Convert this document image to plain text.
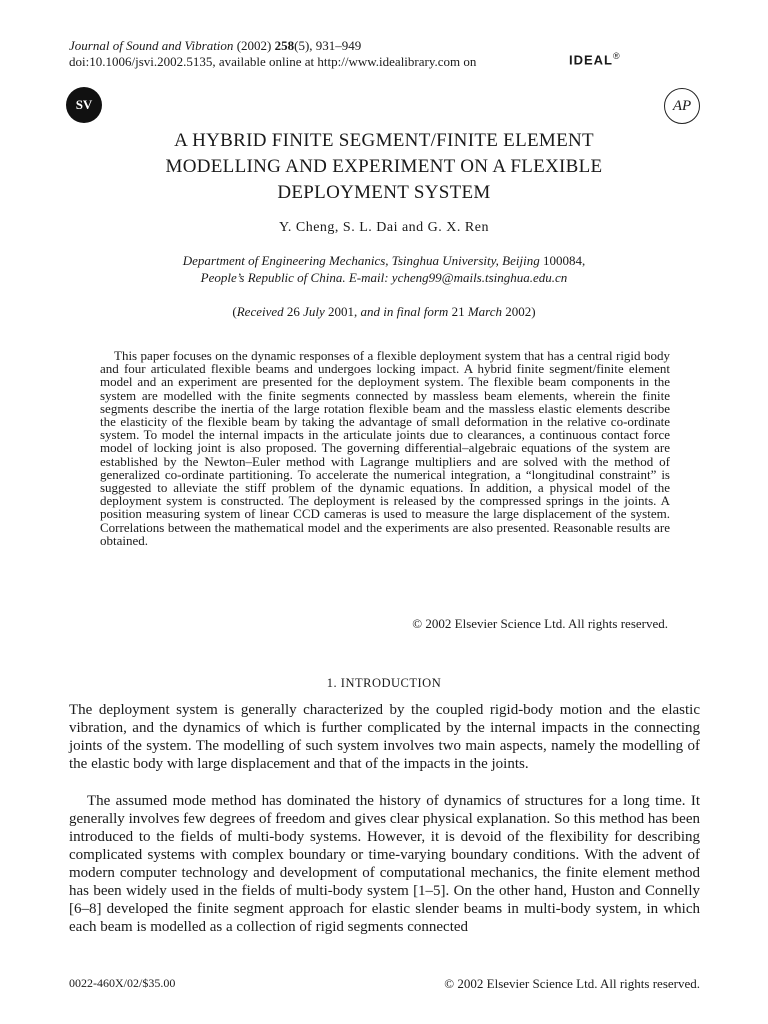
Journal of Sound and Vibration (2002) 258(5), 931–949
doi:10.1006/jsvi.2002.5135, available online at http://www.idealibrary.com on	IDEAL®
SV	AP
A HYBRID FINITE SEGMENT/FINITE ELEMENT
MODELLING AND EXPERIMENT ON A FLEXIBLE
DEPLOYMENT SYSTEM
Y. Cheng, S. L. Dai and G. X. Ren
Department of Engineering Mechanics, Tsinghua University, Beijing 100084,
People’s Republic of China. E-mail: ycheng99@mails.tsinghua.edu.cn
(Received 26 July 2001, and in final form 21 March 2002)

This paper focuses on the dynamic responses of a flexible deployment system that has a central rigid body and four articulated flexible beams and undergoes locking impact. A hybrid finite segment/finite element model and an experiment are presented for the deployment system. The flexible beam components in the system are modelled with the finite segments connected by massless beam elements, wherein the finite segments describe the inertia of the large rotation flexible beam and the massless elastic elements describe the elasticity of the flexible beam by taking the advantage of small deformation in the relative co-ordinate system. To model the internal impacts in the articulate joints due to clearances, a continuous contact force model of locking joint is also proposed. The governing differential–algebraic equations of the system are established by the Newton–Euler method with Lagrange multipliers and are solved with the method of generalized co-ordinate partitioning. To accelerate the numerical integration, a “longitudinal constraint” is suggested to alleviate the stiff problem of the dynamic equations. In addition, a physical model of the deployment system is constructed. The deployment is released by the compressed springs in the joints. A position measuring system of linear CCD cameras is used to measure the large displacement of the system. Correlations between the mathematical model and the experiments are also presented. Reasonable results are obtained.

© 2002 Elsevier Science Ltd. All rights reserved.
1. INTRODUCTION

The deployment system is generally characterized by the coupled rigid-body motion and the elastic vibration, and the dynamics of which is further complicated by the internal impacts in the connecting joints of the system. The modelling of such system involves two main aspects, namely the modelling of the elastic body with large displacement and that of the impacts in the joints.

The assumed mode method has dominated the history of dynamics of structures for a long time. It generally involves few degrees of freedom and gives clear physical explanation. So this method has been introduced to the fields of multi-body systems. However, it is devoid of the flexibility for describing complicated systems with complex boundary or time-varying boundary conditions. With the advent of modern computer technology and development of computational mechanics, the finite element method has been widely used in the fields of multi-body system [1–5]. On the other hand, Huston and Connelly [6–8] developed the finite segment approach for elastic slender beams in multi-body system, in which each beam is modelled as a collection of rigid segments connected

0022-460X/02/$35.00	© 2002 Elsevier Science Ltd. All rights reserved.
